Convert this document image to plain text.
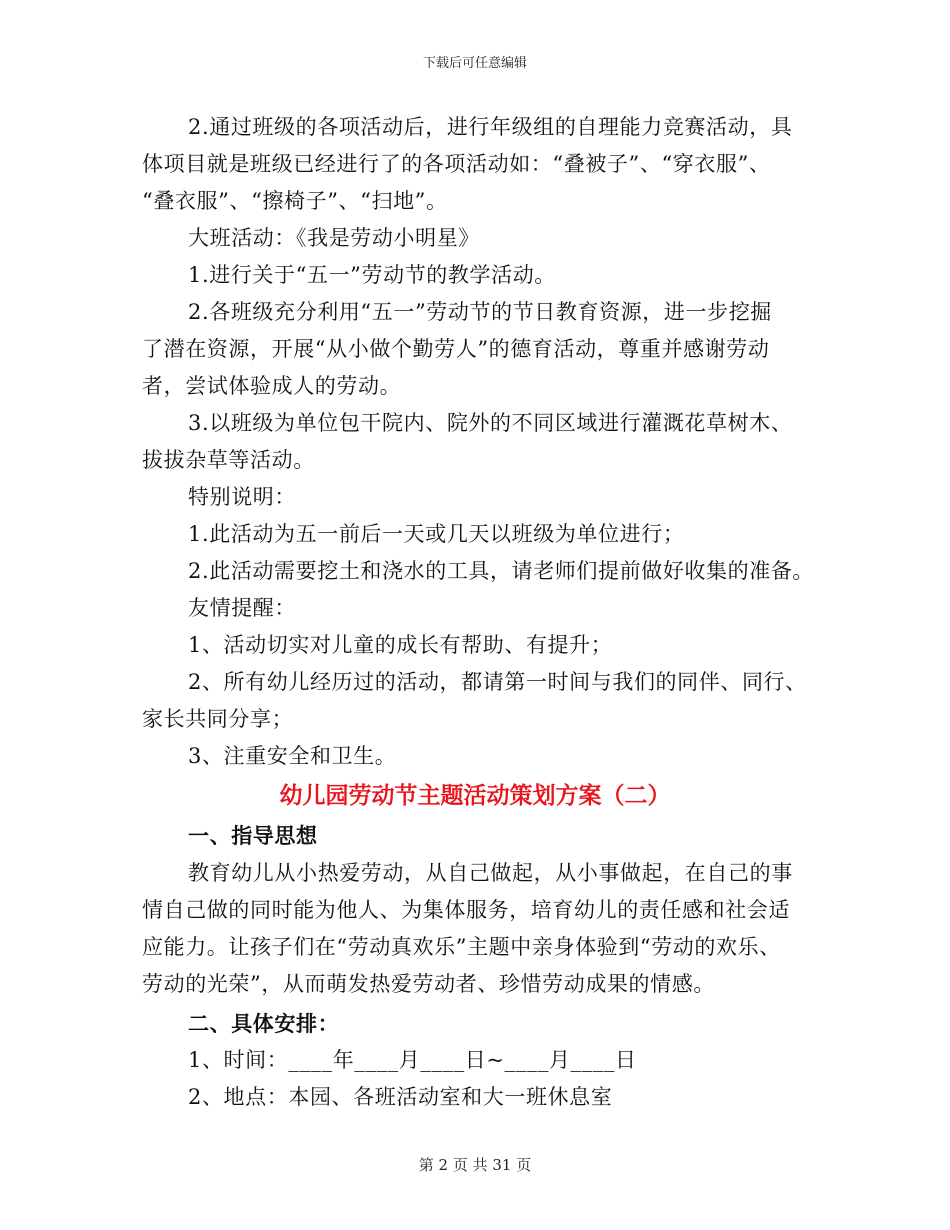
下载后可任意编辑
2.通过班级的各项活动后，进行年级组的自理能力竞赛活动，具
体项目就是班级已经进行了的各项活动如：“叠被子”、“穿衣服”、
“叠衣服”、“擦椅子”、“扫地”。
大班活动：《我是劳动小明星》
1.进行关于“五一”劳动节的教学活动。
2.各班级充分利用“五一”劳动节的节日教育资源，进一步挖掘
了潜在资源，开展“从小做个勤劳人”的德育活动，尊重并感谢劳动
者，尝试体验成人的劳动。
3.以班级为单位包干院内、院外的不同区域进行灌溉花草树木、
拔拔杂草等活动。
特别说明：
1.此活动为五一前后一天或几天以班级为单位进行；
2.此活动需要挖土和浇水的工具，请老师们提前做好收集的准备。
友情提醒：
1、活动切实对儿童的成长有帮助、有提升；
2、所有幼儿经历过的活动，都请第一时间与我们的同伴、同行、
家长共同分享；
3、注重安全和卫生。
幼儿园劳动节主题活动策划方案（二）
一、指导思想
教育幼儿从小热爱劳动，从自己做起，从小事做起，在自己的事
情自己做的同时能为他人、为集体服务，培育幼儿的责任感和社会适
应能力。让孩子们在“劳动真欢乐”主题中亲身体验到“劳动的欢乐、
劳动的光荣”，从而萌发热爱劳动者、珍惜劳动成果的情感。
二、具体安排：
1、时间：____年____月____日~____月____日
2、地点：本园、各班活动室和大一班休息室
第 2 页 共 31 页
